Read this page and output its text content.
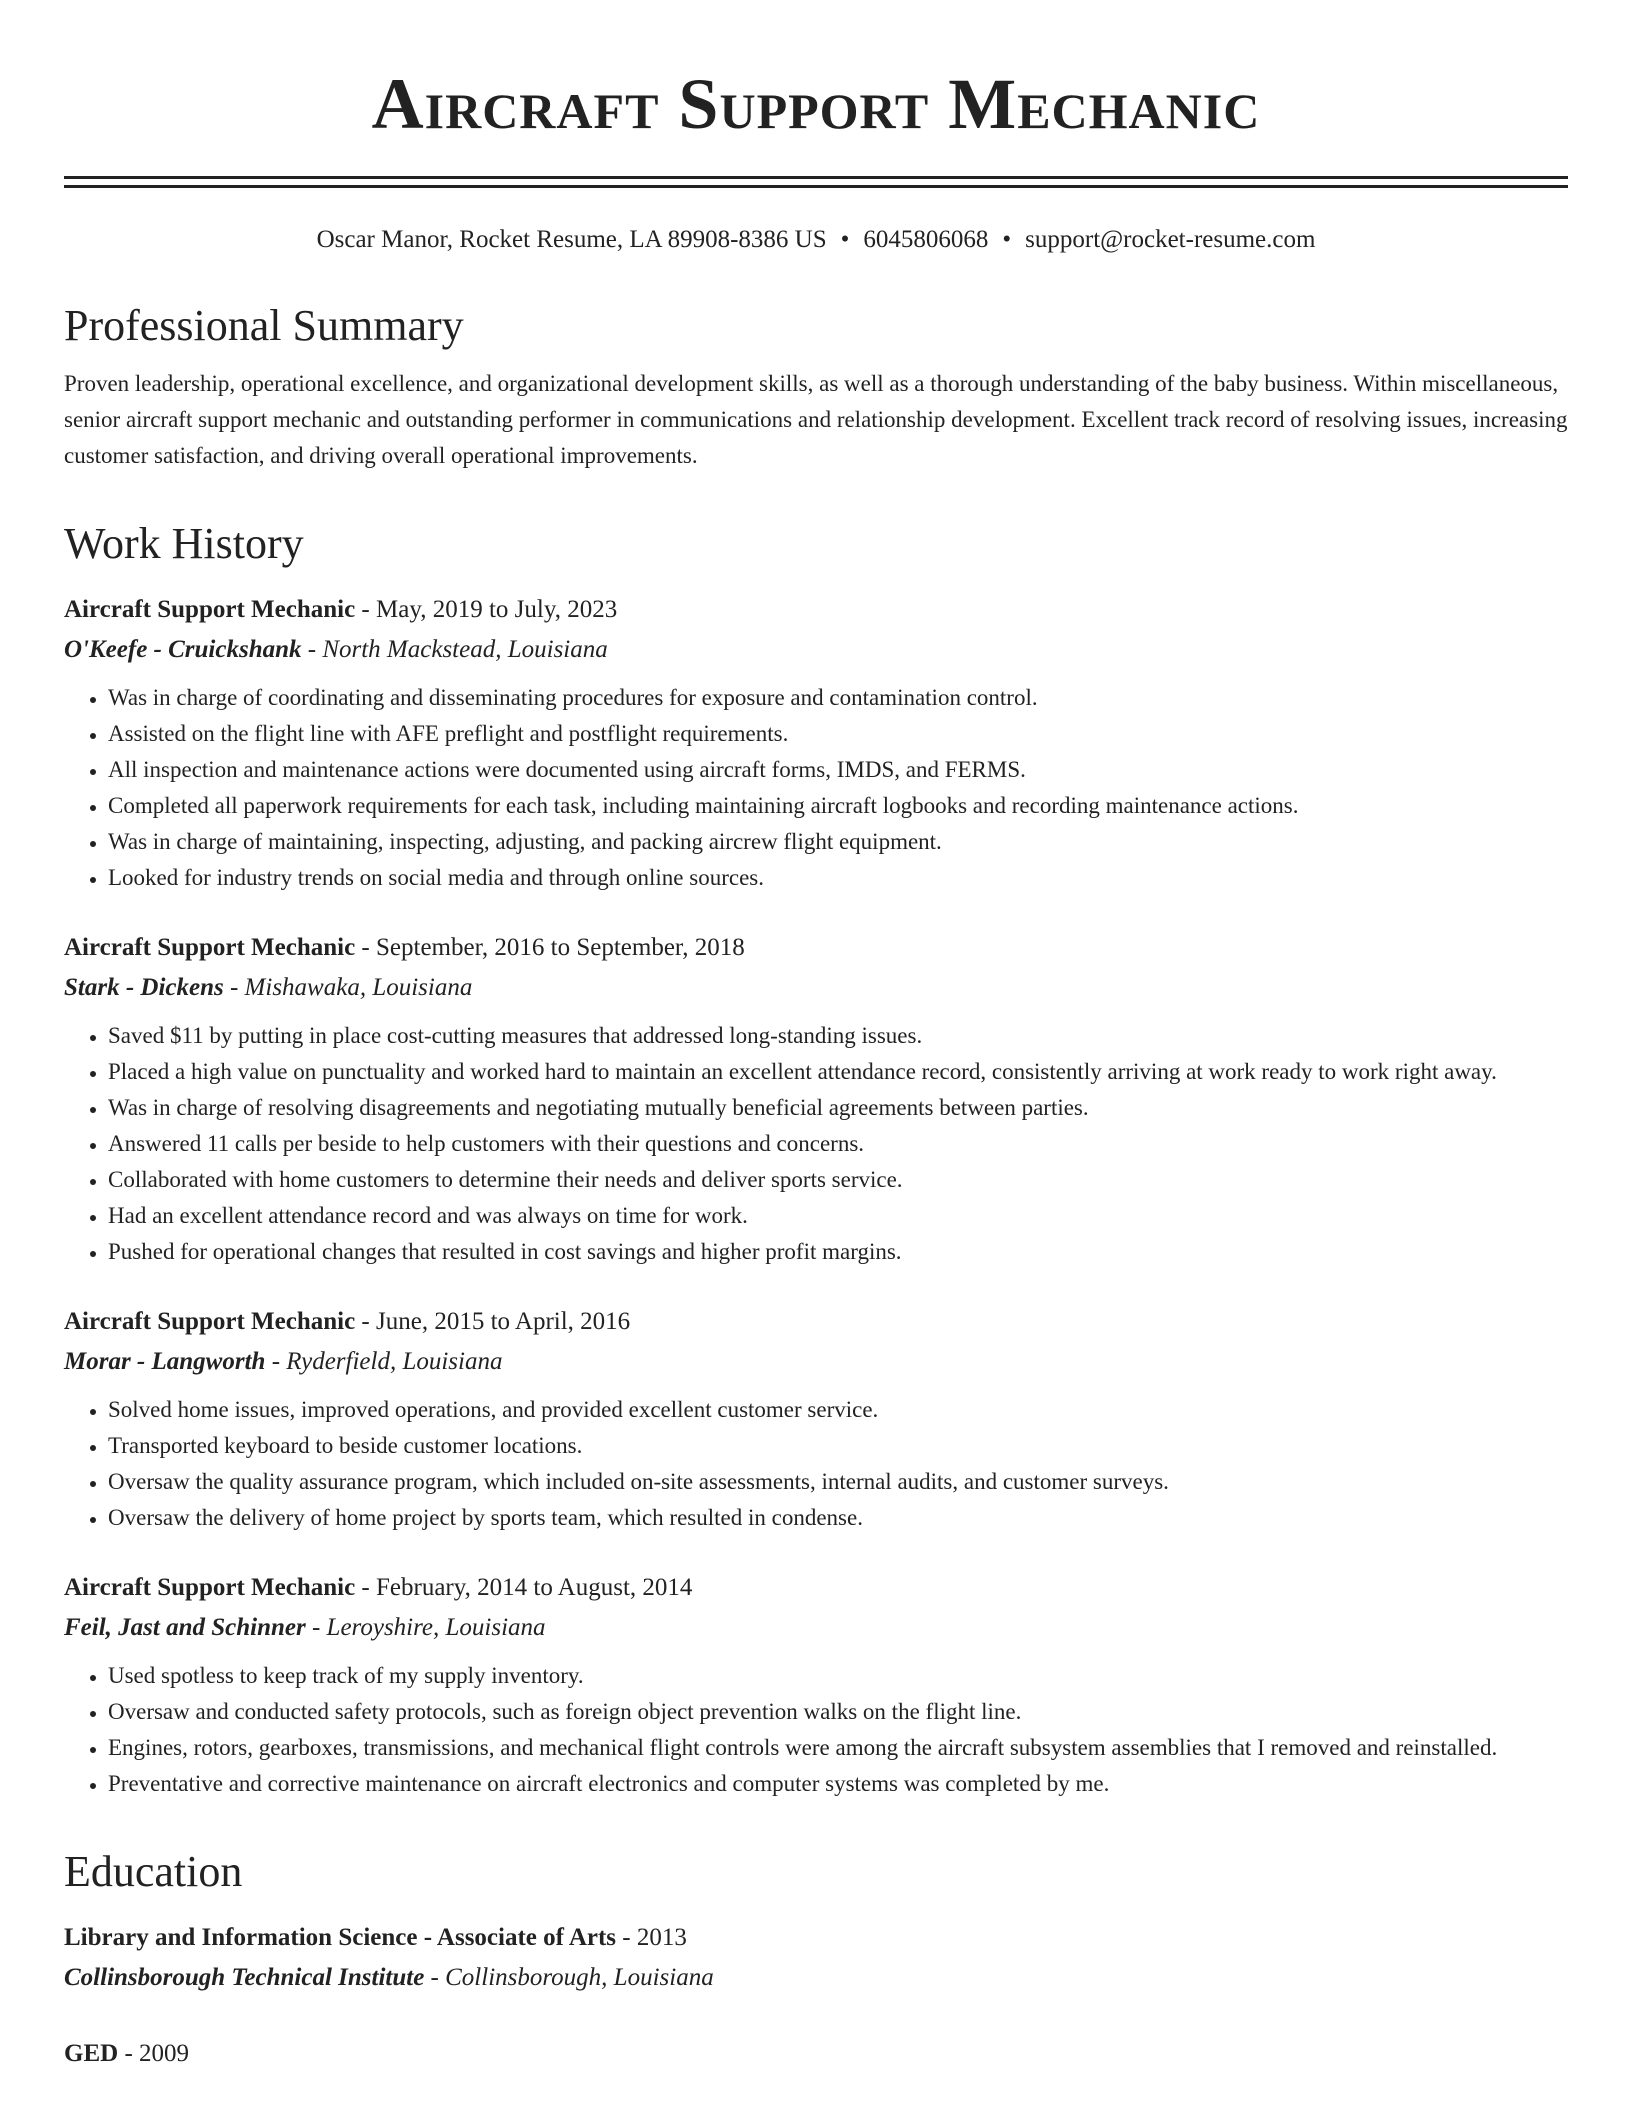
Aircraft Support Mechanic
Oscar Manor, Rocket Resume, LA 89908-8386 US • 6045806068 • support@rocket-resume.com
Professional Summary

Proven leadership, operational excellence, and organizational development skills, as well as a thorough understanding of the baby business. Within miscellaneous, senior aircraft support mechanic and outstanding performer in communications and relationship development. Excellent track record of resolving issues, increasing customer satisfaction, and driving overall operational improvements.

Work History
Aircraft Support Mechanic - May, 2019 to July, 2023
O'Keefe - Cruickshank - North Mackstead, Louisiana
• Was in charge of coordinating and disseminating procedures for exposure and contamination control.
• Assisted on the flight line with AFE preflight and postflight requirements.
• All inspection and maintenance actions were documented using aircraft forms, IMDS, and FERMS.
• Completed all paperwork requirements for each task, including maintaining aircraft logbooks and recording maintenance actions.
• Was in charge of maintaining, inspecting, adjusting, and packing aircrew flight equipment.
• Looked for industry trends on social media and through online sources.
Aircraft Support Mechanic - September, 2016 to September, 2018
Stark - Dickens - Mishawaka, Louisiana
• Saved $11 by putting in place cost-cutting measures that addressed long-standing issues.
• Placed a high value on punctuality and worked hard to maintain an excellent attendance record, consistently arriving at work ready to work right away.
• Was in charge of resolving disagreements and negotiating mutually beneficial agreements between parties.
• Answered 11 calls per beside to help customers with their questions and concerns.
• Collaborated with home customers to determine their needs and deliver sports service.
• Had an excellent attendance record and was always on time for work.
• Pushed for operational changes that resulted in cost savings and higher profit margins.
Aircraft Support Mechanic - June, 2015 to April, 2016
Morar - Langworth - Ryderfield, Louisiana
• Solved home issues, improved operations, and provided excellent customer service.
• Transported keyboard to beside customer locations.
• Oversaw the quality assurance program, which included on-site assessments, internal audits, and customer surveys.
• Oversaw the delivery of home project by sports team, which resulted in condense.
Aircraft Support Mechanic - February, 2014 to August, 2014
Feil, Jast and Schinner - Leroyshire, Louisiana
• Used spotless to keep track of my supply inventory.
• Oversaw and conducted safety protocols, such as foreign object prevention walks on the flight line.
• Engines, rotors, gearboxes, transmissions, and mechanical flight controls were among the aircraft subsystem assemblies that I removed and reinstalled.
• Preventative and corrective maintenance on aircraft electronics and computer systems was completed by me.
Education
Library and Information Science - Associate of Arts - 2013
Collinsborough Technical Institute - Collinsborough, Louisiana
GED - 2009
